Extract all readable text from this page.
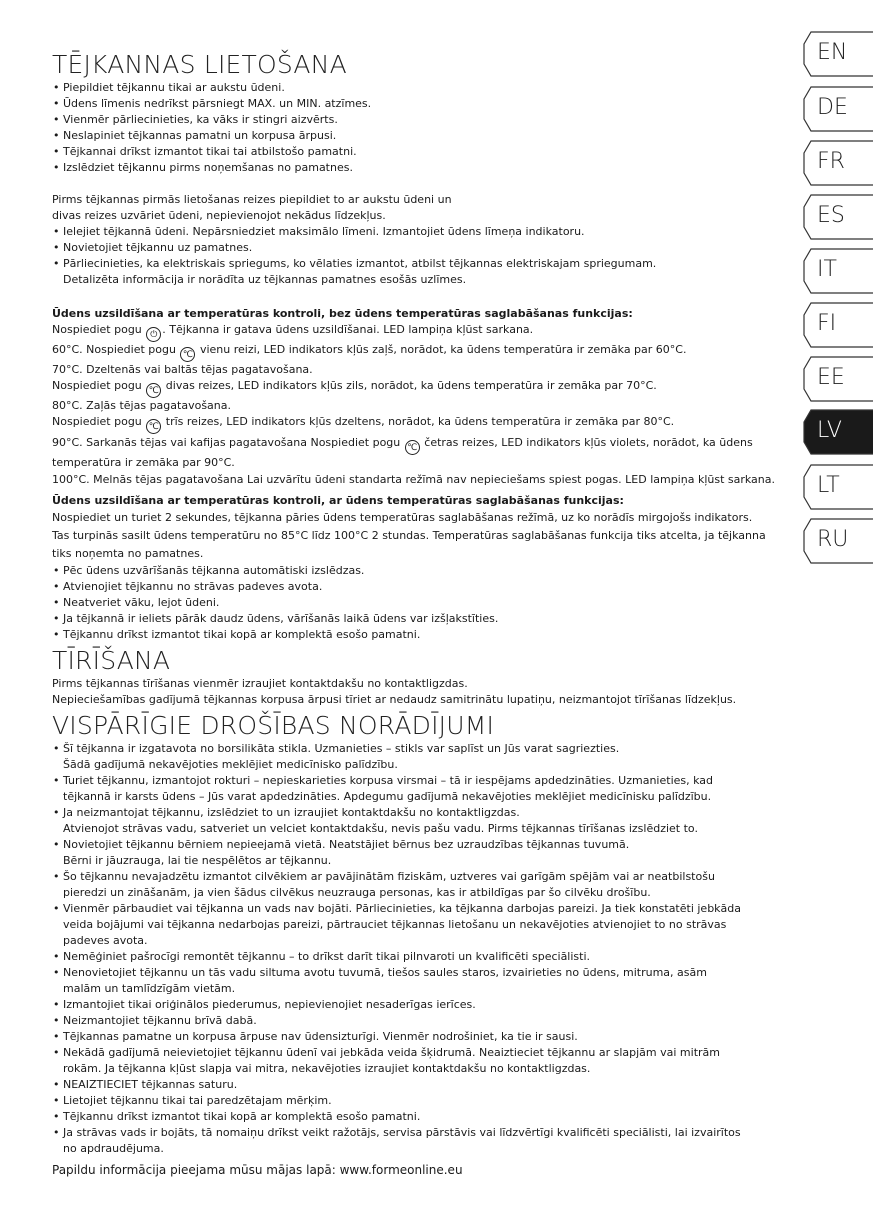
TĒJKANNAS LIETOŠANA
• Piepildiet tējkannu tikai ar aukstu ūdeni.
• Ūdens līmenis nedrīkst pārsniegt MAX. un MIN. atzīmes.
• Vienmēr pārliecinieties, ka vāks ir stingri aizvērts.
• Neslapiniet tējkannas pamatni un korpusa ārpusi.
• Tējkannai drīkst izmantot tikai tai atbilstošo pamatni.
• Izslēdziet tējkannu pirms noņemšanas no pamatnes.

Pirms tējkannas pirmās lietošanas reizes piepildiet to ar aukstu ūdeni un

divas reizes uzvāriet ūdeni, nepievienojot nekādus līdzekļus.

• Ielejiet tējkannā ūdeni. Nepārsniedziet maksimālo līmeni. Izmantojiet ūdens līmeņa indikatoru.
• Novietojiet tējkannu uz pamatnes.
• Pārliecinieties, ka elektriskais spriegums, ko vēlaties izmantot, atbilst tējkannas elektriskajam spriegumam.

Detalizēta informācija ir norādīta uz tējkannas pamatnes esošās uzlīmes.

Ūdens uzsildīšana ar temperatūras kontroli, bez ūdens temperatūras saglabāšanas funkcijas:

Nospiediet pogu ⏻ . Tējkanna ir gatava ūdens uzsildīšanai. LED lampiņa kļūst sarkana.

60°C. Nospiediet pogu ℃ vienu reizi, LED indikators kļūs zaļš, norādot, ka ūdens temperatūra ir zemāka par 60°C.

70°C. Dzeltenās vai baltās tējas pagatavošana.

Nospiediet pogu ℃ divas reizes, LED indikators kļūs zils, norādot, ka ūdens temperatūra ir zemāka par 70°C.

80°C. Zaļās tējas pagatavošana.

Nospiediet pogu ℃ trīs reizes, LED indikators kļūs dzeltens, norādot, ka ūdens temperatūra ir zemāka par 80°C.

90°C. Sarkanās tējas vai kafijas pagatavošana Nospiediet pogu ℃ četras reizes, LED indikators kļūs violets, norādot, ka ūdens

temperatūra ir zemāka par 90°C.

100°C. Melnās tējas pagatavošana Lai uzvārītu ūdeni standarta režīmā nav nepieciešams spiest pogas. LED lampiņa kļūst sarkana.

Ūdens uzsildīšana ar temperatūras kontroli, ar ūdens temperatūras saglabāšanas funkcijas:

Nospiediet un turiet 2 sekundes, tējkanna pāries ūdens temperatūras saglabāšanas režīmā, uz ko norādīs mirgojošs indikators.

Tas turpinās sasilt ūdens temperatūru no 85°C līdz 100°C 2 stundas. Temperatūras saglabāšanas funkcija tiks atcelta, ja tējkanna

tiks noņemta no pamatnes.

• Pēc ūdens uzvārīšanās tējkanna automātiski izslēdzas.
• Atvienojiet tējkannu no strāvas padeves avota.
• Neatveriet vāku, lejot ūdeni.
• Ja tējkannā ir ieliets pārāk daudz ūdens, vārīšanās laikā ūdens var izšļakstīties.
• Tējkannu drīkst izmantot tikai kopā ar komplektā esošo pamatni.
TĪRĪŠANA

Pirms tējkannas tīrīšanas vienmēr izraujiet kontaktdakšu no kontaktligzdas.

Nepieciešamības gadījumā tējkannas korpusa ārpusi tīriet ar nedaudz samitrinātu lupatiņu, neizmantojot tīrīšanas līdzekļus.

VISPĀRĪGIE DROŠĪBAS NORĀDĪJUMI
• Šī tējkanna ir izgatavota no borsilikāta stikla. Uzmanieties – stikls var saplīst un Jūs varat sagriezties.
Šādā gadījumā nekavējoties meklējiet medicīnisko palīdzību.
• Turiet tējkannu, izmantojot rokturi – nepieskarieties korpusa virsmai – tā ir iespējams apdedzināties. Uzmanieties, kad
tējkannā ir karsts ūdens – Jūs varat apdedzināties. Apdegumu gadījumā nekavējoties meklējiet medicīnisku palīdzību.
• Ja neizmantojat tējkannu, izslēdziet to un izraujiet kontaktdakšu no kontaktligzdas.
Atvienojot strāvas vadu, satveriet un velciet kontaktdakšu, nevis pašu vadu. Pirms tējkannas tīrīšanas izslēdziet to.
• Novietojiet tējkannu bērniem nepieejamā vietā. Neatstājiet bērnus bez uzraudzības tējkannas tuvumā.
Bērni ir jāuzrauga, lai tie nespēlētos ar tējkannu.
• Šo tējkannu nevajadzētu izmantot cilvēkiem ar pavājinātām fiziskām, uztveres vai garīgām spējām vai ar neatbilstošu
pieredzi un zināšanām, ja vien šādus cilvēkus neuzrauga personas, kas ir atbildīgas par šo cilvēku drošību.
• Vienmēr pārbaudiet vai tējkanna un vads nav bojāti. Pārliecinieties, ka tējkanna darbojas pareizi. Ja tiek konstatēti jebkāda
veida bojājumi vai tējkanna nedarbojas pareizi, pārtrauciet tējkannas lietošanu un nekavējoties atvienojiet to no strāvas
padeves avota.
• Nemēģiniet pašrocīgi remontēt tējkannu – to drīkst darīt tikai pilnvaroti un kvalificēti speciālisti.
• Nenovietojiet tējkannu un tās vadu siltuma avotu tuvumā, tiešos saules staros, izvairieties no ūdens, mitruma, asām
malām un tamlīdzīgām vietām.
• Izmantojiet tikai oriģinālos piederumus, nepievienojiet nesaderīgas ierīces.
• Neizmantojiet tējkannu brīvā dabā.
• Tējkannas pamatne un korpusa ārpuse nav ūdensizturīgi. Vienmēr nodrošiniet, ka tie ir sausi.
• Nekādā gadījumā neievietojiet tējkannu ūdenī vai jebkāda veida šķidrumā. Neaiztieciet tējkannu ar slapjām vai mitrām
rokām. Ja tējkanna kļūst slapja vai mitra, nekavējoties izraujiet kontaktdakšu no kontaktligzdas.
• NEAIZTIECIET tējkannas saturu.
• Lietojiet tējkannu tikai tai paredzētajam mērķim.
• Tējkannu drīkst izmantot tikai kopā ar komplektā esošo pamatni.
• Ja strāvas vads ir bojāts, tā nomaiņu drīkst veikt ražotājs, servisa pārstāvis vai līdzvērtīgi kvalificēti speciālisti, lai izvairītos
no apdraudējuma.

Papildu informācija pieejama mūsu mājas lapā: www.formeonline.eu

EN
DE
FR
ES
IT
FI
EE
LV
LT
RU
